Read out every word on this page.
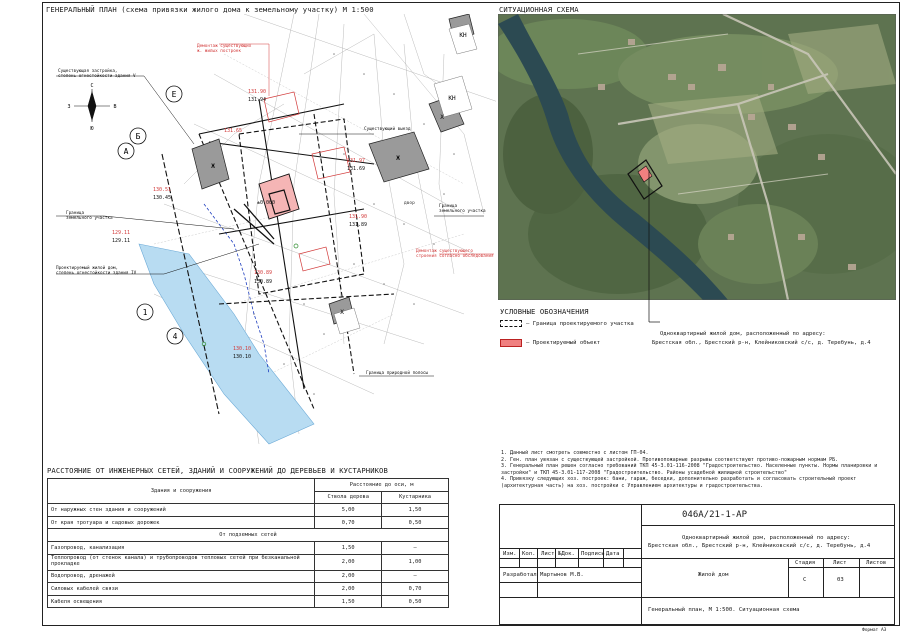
ГЕНЕРАЛЬНЫЙ ПЛАН (схема привязки жилого дома к земельному участку) М 1:500
Е
Б
А
1
4
С
Ю
З	В
Ж
Ж
КН
КН
Х
Х
двор
131.90
131.94
131.65
131.97
131.69
130.51
130.45
129.11
129.11
131.90
131.89
130.89
130.89
130.10
130.10
±0.000
Существующая застройка,
степень огнестойкости здания V
Граница
земельного участка
Проектируемый жилой дом,
степень огнестойкости здания IV
Граница
земельного участка
Существующий выезд
Граница природной полосы
Демонтаж существующих
ж. жилых построек
Демонтаж существующего
строения согласно обследования
СИТУАЦИОННАЯ СХЕМА
Одноквартирный жилой дом, расположенный по адресу:
Брестская обл., Брестский р-н, Клейниковский с/с, д. Теребунь, д.4
УСЛОВНЫЕ ОБОЗНАЧЕНИЯ
– Граница проектируемого участка
– Проектируемый объект
1. Данный лист смотреть совместно с листом ГП-04.
2. Ген. план увязан с существующей застройкой. Противопожарные разрывы соответствуют противо-пожарным нормам РБ.
3. Генеральный план решен согласно требований ТКП 45-3.01-116-2008 "Градостроительство. Населенные пункты. Нормы планировки и
застройки" и ТКП 45-3.01-117-2008 "Градостроительство. Районы усадебной жилищной строительство"
4. Привязку следующих хоз. построек: бани, гараж, беседки, дополнительно разработать и согласовать строительный проект
(архитектурная часть) на хоз. постройки с Управлением архитектуры и градостроительства.
РАССТОЯНИЕ ОТ ИНЖЕНЕРНЫХ СЕТЕЙ, ЗДАНИЙ И СООРУЖЕНИЙ ДО ДЕРЕВЬЕВ И КУСТАРНИКОВ
Здания и сооружения	Расстояние до оси, м	
	Ствола дерева	Кустарника
От наружных стен здания и сооружений	5,00	1,50
От края тротуара и садовых дорожек	0,70	0,50
От подземных сетей		
Газопровод, канализация	1,50	–
Теплопровод (от стенок канала) и трубопроводов тепловых сетей при безканальной прокладке	2,00	1,00
Водопровод, дренажей	2,00	–
Силовых кабелей связи	2,00	0,70
Кабеля освещения	1,50	0,50
046А/21-1-АР
Одноквартирный жилой дом, расположенный по адресу:
Брестская обл., Брестский р-н, Клейниковский с/с, д. Теребунь, д.4
Изм. Кол. Лист №Док. Подпись Дата
Разработал Мартынов М.В.	Жилой дом
Стадия	Лист	Листов
С	03
Генеральный план, М 1:500. Ситуационная схема
Формат А3
